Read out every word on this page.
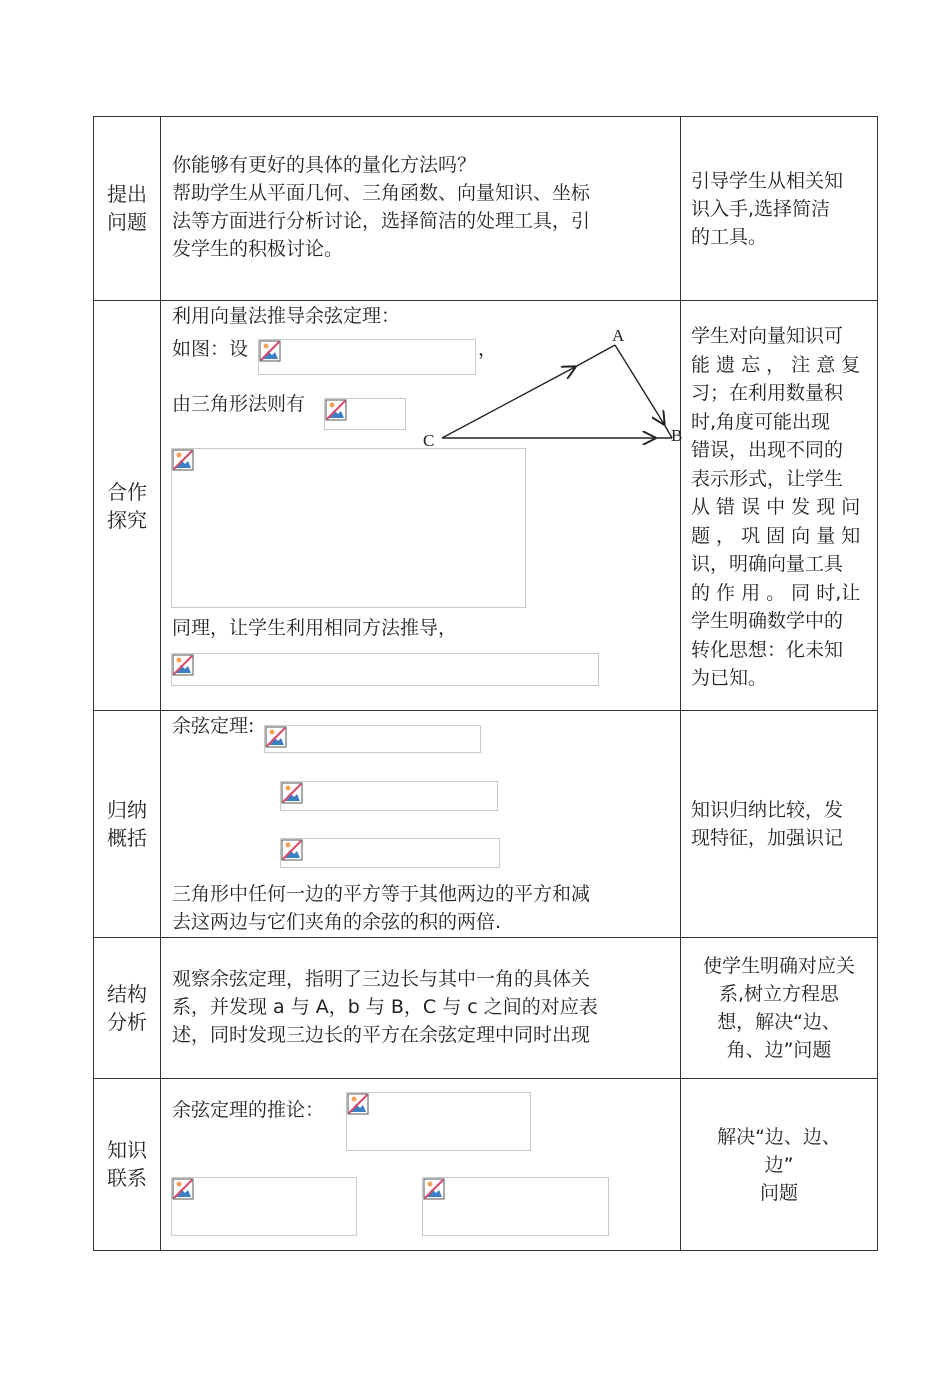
提出
问题
你能够有更好的具体的量化方法吗？
帮助学生从平面几何、三角函数、向量知识、坐标
法等方面进行分析讨论，选择简洁的处理工具，引
发学生的积极讨论。
引导学生从相关知
识入手,选择简洁
的工具。
合作
探究
利用向量法推导余弦定理：
如图：设	，
由三角形法则有
同理，让学生利用相同方法推导，
A
B
C
学生对向量知识可
能 遗 忘 ， 注 意 复
习；在利用数量积
时,角度可能出现
错误，出现不同的
表示形式，让学生
从 错 误 中 发 现 问
题 ， 巩 固 向 量 知
识，明确向量工具
的 作 用 。 同 时,让
学生明确数学中的
转化思想：化未知
为已知。
归纳
概括
余弦定理:
三角形中任何一边的平方等于其他两边的平方和减
去这两边与它们夹角的余弦的积的两倍.
知识归纳比较，发
现特征，加强识记
结构
分析
观察余弦定理，指明了三边长与其中一角的具体关
系，并发现 a 与 A，b 与 B，C 与 c 之间的对应表
述，同时发现三边长的平方在余弦定理中同时出现
使学生明确对应关
系,树立方程思
想，解决“边、
角、边”问题
知识
联系
余弦定理的推论：
解决“边、边、
边”
问题
